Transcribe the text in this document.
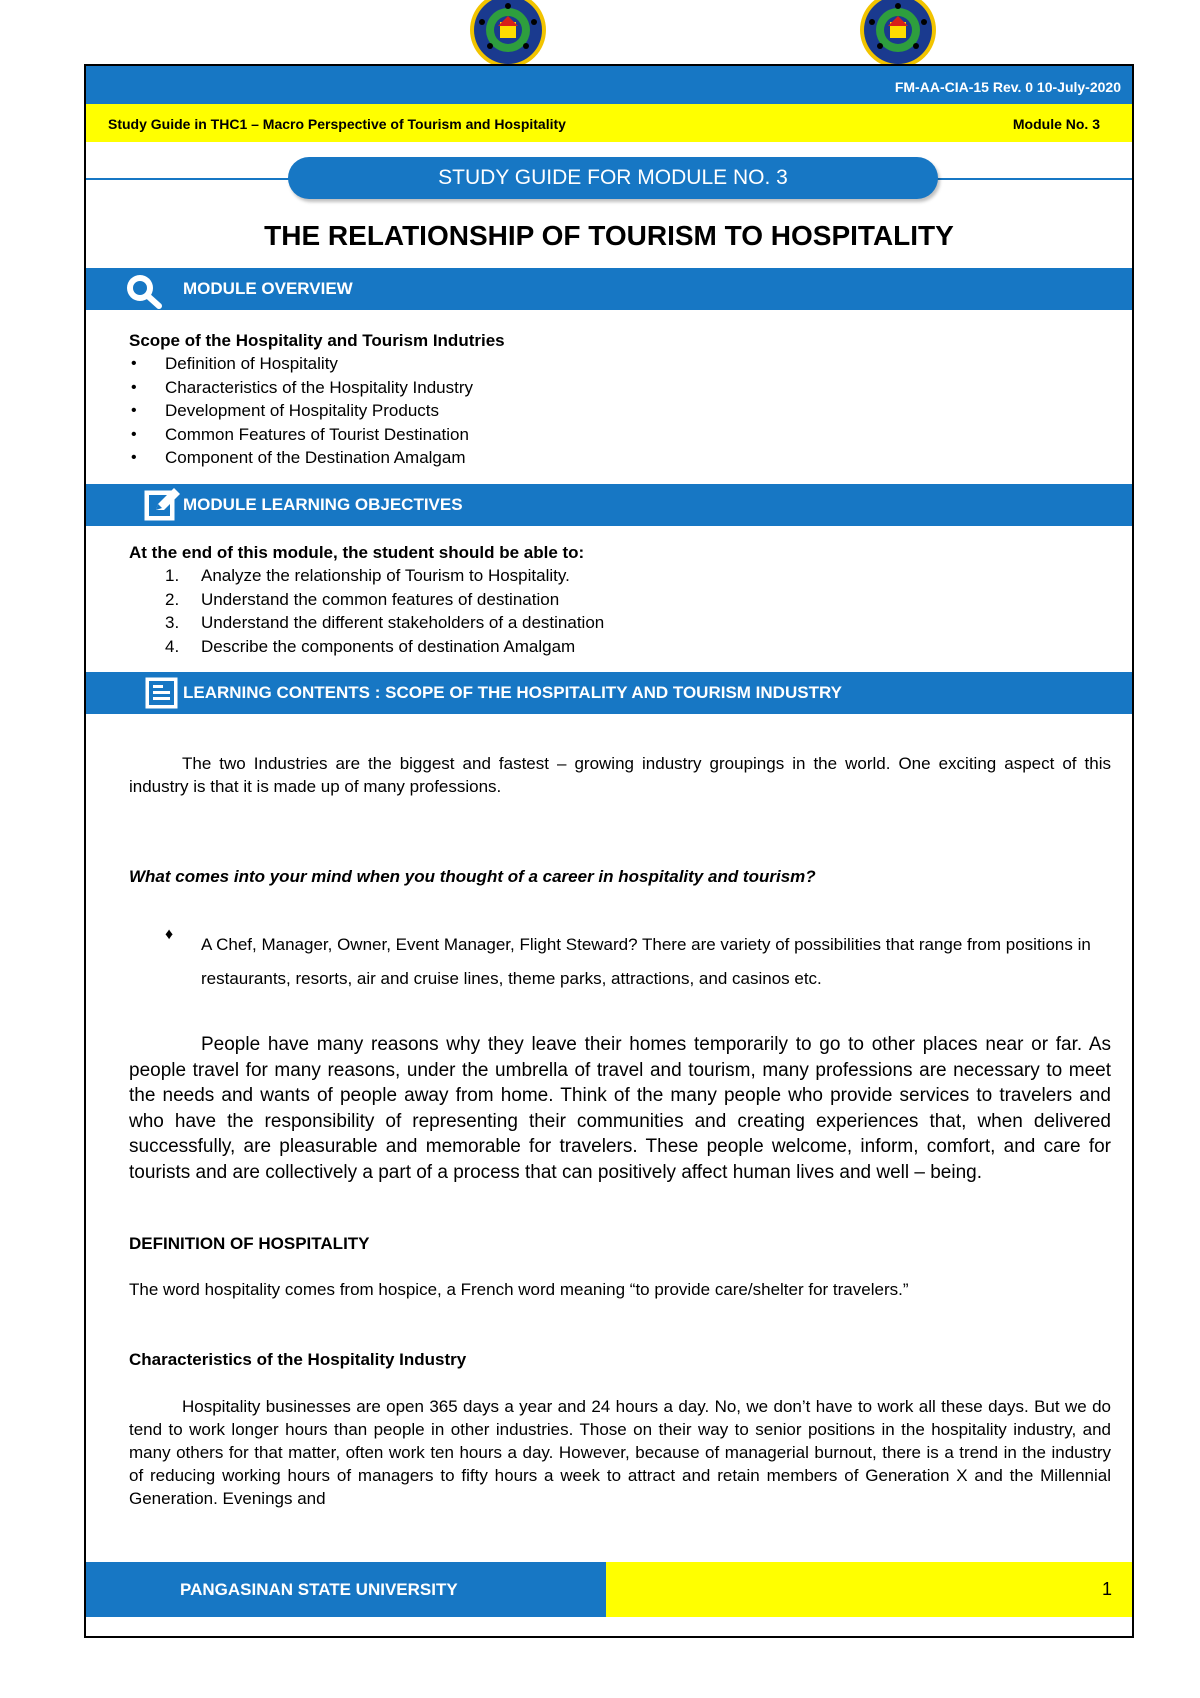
FM-AA-CIA-15 Rev. 0 10-July-2020
Study Guide in THC1 – Macro Perspective of Tourism and Hospitality	Module No. 3
STUDY GUIDE FOR MODULE NO. 3
THE RELATIONSHIP OF TOURISM TO HOSPITALITY
MODULE OVERVIEW
Scope of the Hospitality and Tourism Indutries
• Definition of Hospitality
• Characteristics of the Hospitality Industry
• Development of Hospitality Products
• Common Features of Tourist Destination
• Component of the Destination Amalgam
MODULE LEARNING OBJECTIVES
At the end of this module, the student should be able to:
1. Analyze the relationship of Tourism to Hospitality.
2. Understand the common features of destination
3. Understand the different stakeholders of a destination
4. Describe the components of destination Amalgam
LEARNING CONTENTS : SCOPE OF THE HOSPITALITY AND TOURISM INDUSTRY
The two Industries are the biggest and fastest – growing industry groupings in the world. One exciting aspect of this industry is that it is made up of many professions.
What comes into your mind when you thought of a career in hospitality and tourism?
♦
A Chef, Manager, Owner, Event Manager, Flight Steward? There are variety of possibilities that range from positions in restaurants, resorts, air and cruise lines, theme parks, attractions, and casinos etc.
People have many reasons why they leave their homes temporarily to go to other places near or far. As people travel for many reasons, under the umbrella of travel and tourism, many professions are necessary to meet the needs and wants of people away from home. Think of the many people who provide services to travelers and who have the responsibility of representing their communities and creating experiences that, when delivered successfully, are pleasurable and memorable for travelers. These people welcome, inform, comfort, and care for tourists and are collectively a part of a process that can positively affect human lives and well – being.
DEFINITION OF HOSPITALITY
The word hospitality comes from hospice, a French word meaning “to provide care/shelter for travelers.”
Characteristics of the Hospitality Industry
Hospitality businesses are open 365 days a year and 24 hours a day. No, we don’t have to work all these days. But we do tend to work longer hours than people in other industries. Those on their way to senior positions in the hospitality industry, and many others for that matter, often work ten hours a day. However, because of managerial burnout, there is a trend in the industry of reducing working hours of managers to fifty hours a week to attract and retain members of Generation X and the Millennial Generation. Evenings and
PANGASINAN STATE UNIVERSITY	1
